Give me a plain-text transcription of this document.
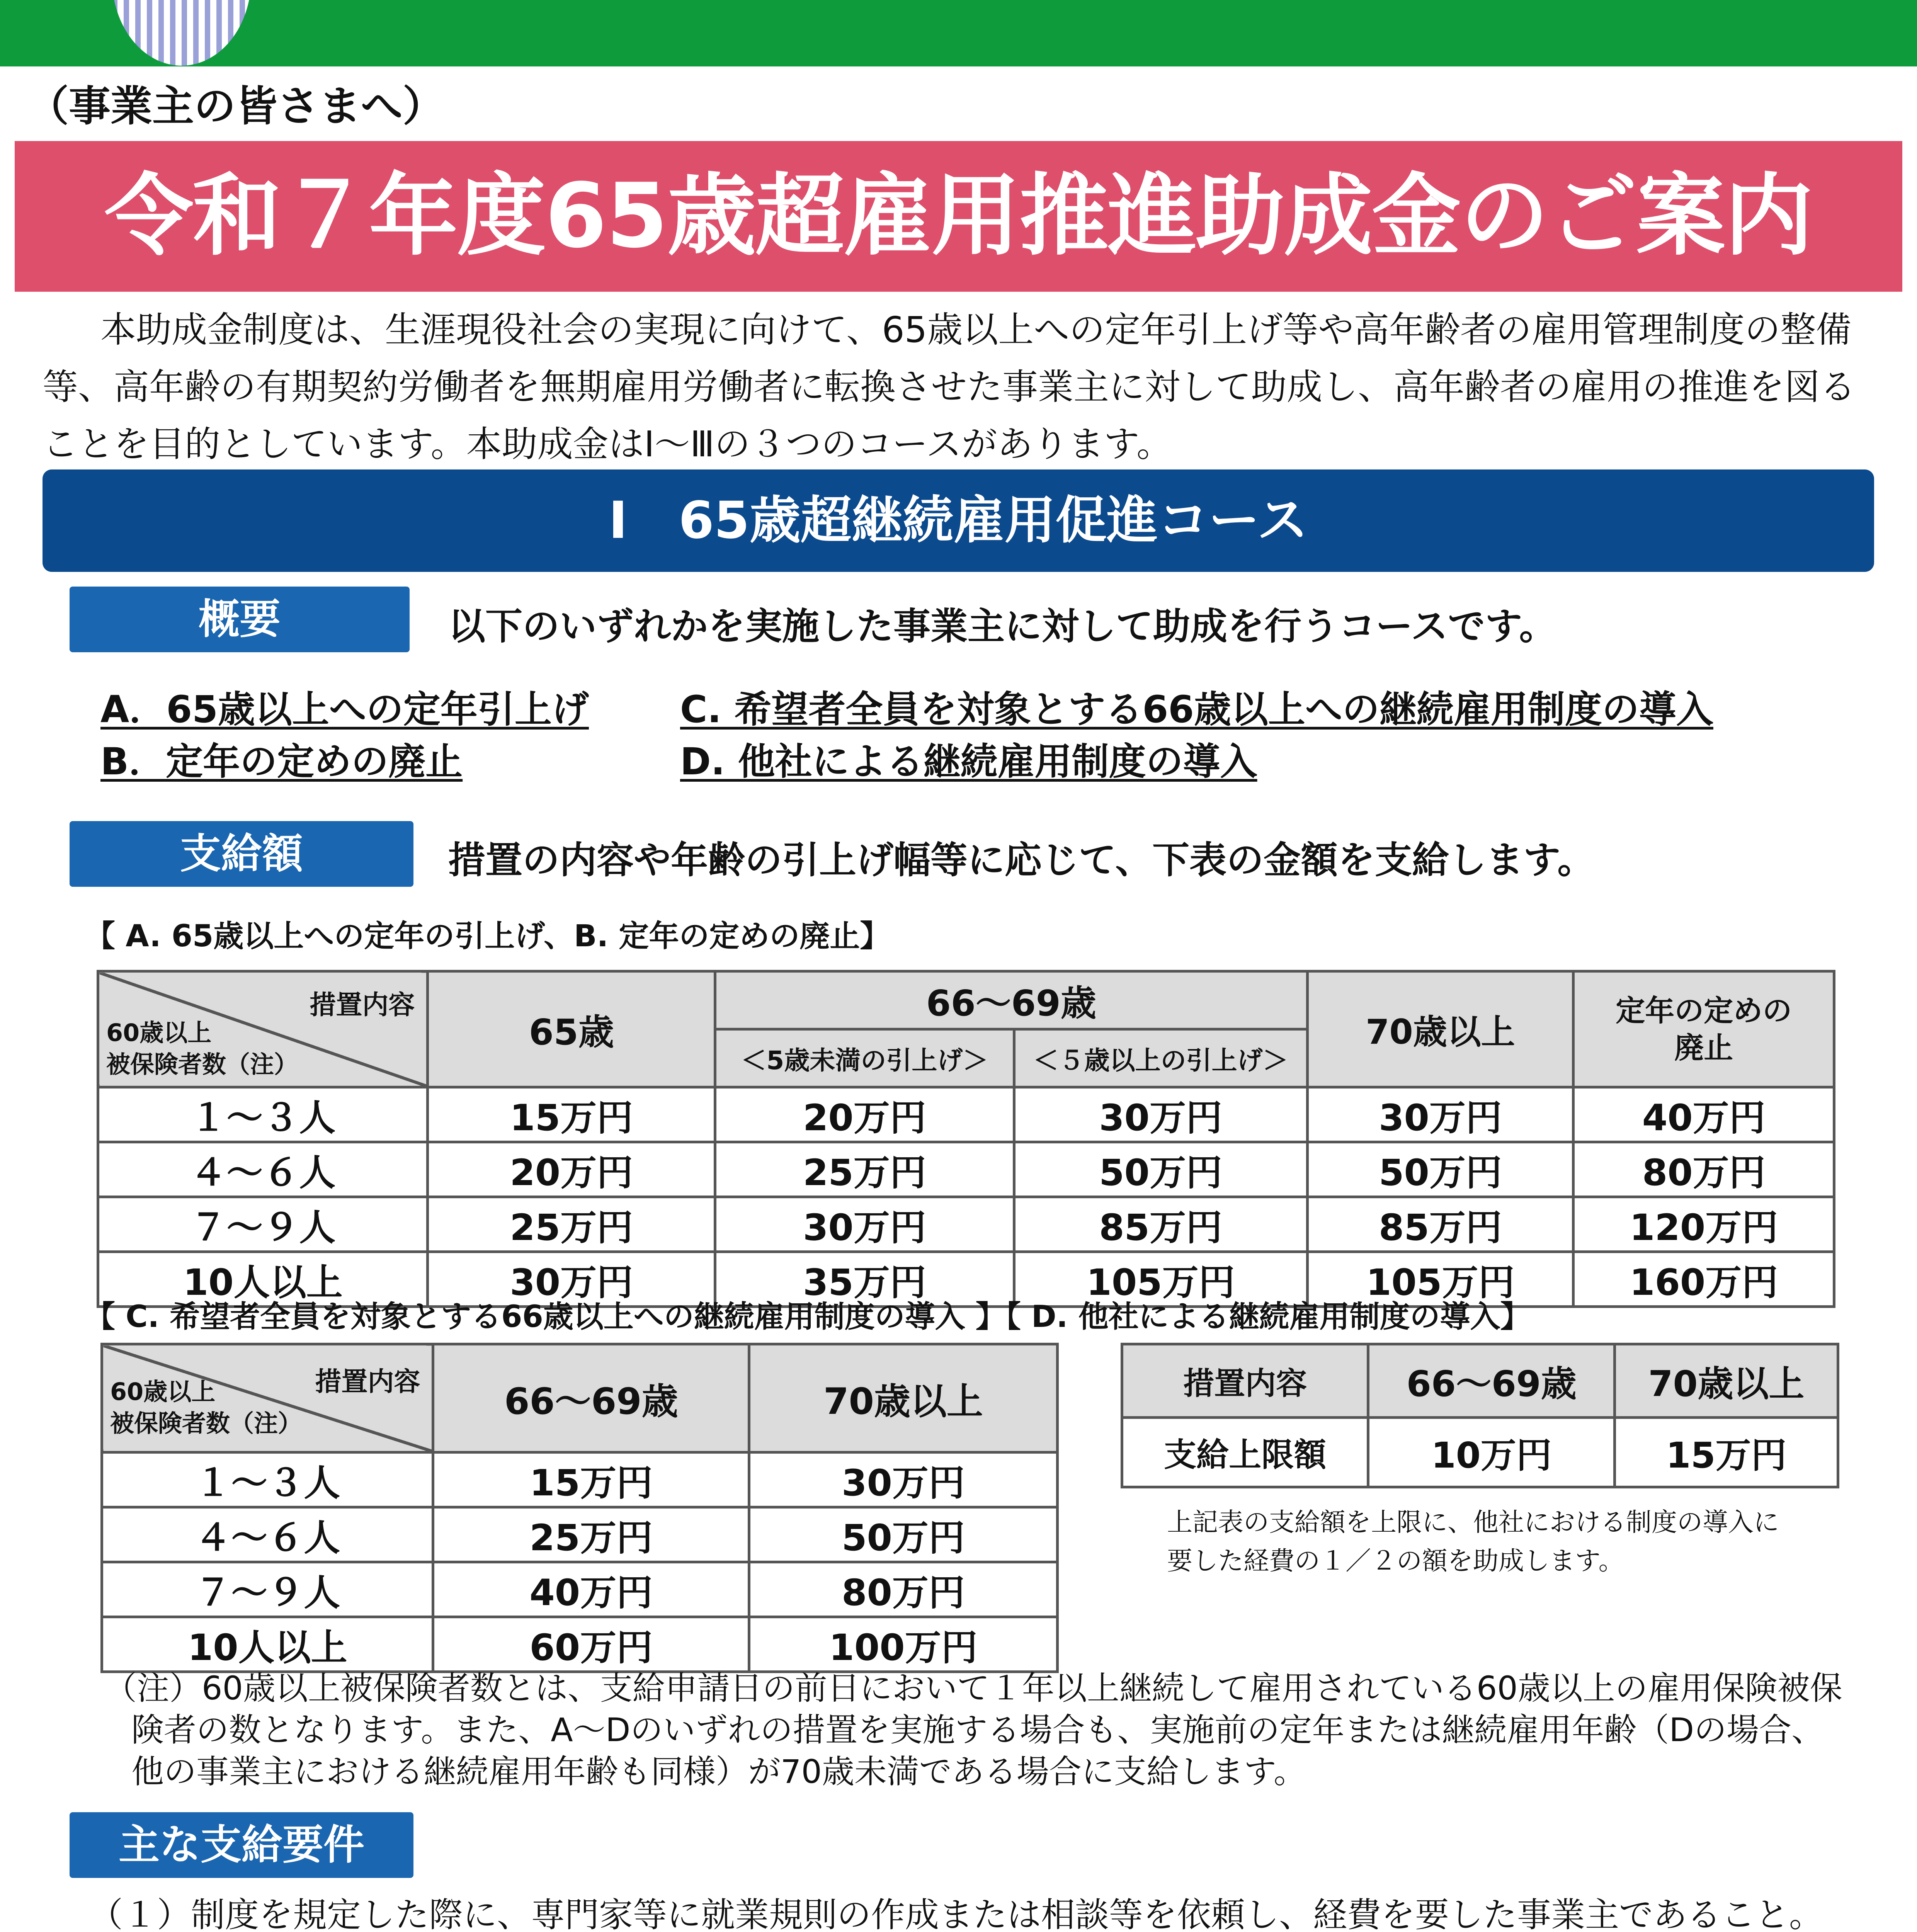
（事業主の皆さまへ）
令和７年度65歳超雇用推進助成金のご案内
本助成金制度は、生涯現役社会の実現に向けて、65歳以上への定年引上げ等や高年齢者の雇用管理制度の整備等、高年齢の有期契約労働者を無期雇用労働者に転換させた事業主に対して助成し、高年齢者の雇用の推進を図ることを目的としています。本助成金はⅠ～Ⅲの３つのコースがあります。
Ⅰ　65歳超継続雇用促進コース
概要	以下のいずれかを実施した事業主に対して助成を行うコースです。
A．65歳以上への定年引上げ C. 希望者全員を対象とする66歳以上への継続雇用制度の導入
B．定年の定めの廃止	D. 他社による継続雇用制度の導入
支給額	措置の内容や年齢の引上げ幅等に応じて、下表の金額を支給します。
【 A. 65歳以上への定年の引上げ、B. 定年の定めの廃止】
措置内容
60歳以上
被保険者数（注）	65歳	66～69歳		70歳以上	定年の定めの
廃止
		＜5歳未満の引上げ＞	＜５歳以上の引上げ＞		
１～３人	15万円	20万円	30万円	30万円	40万円
４～６人	20万円	25万円	50万円	50万円	80万円
７～９人	25万円	30万円	85万円	85万円	120万円
10人以上	30万円	35万円	105万円	105万円	160万円
【 C. 希望者全員を対象とする66歳以上への継続雇用制度の導入 】【 D. 他社による継続雇用制度の導入】
措置内容
60歳以上
被保険者数（注）	66～69歳	70歳以上
１～３人	15万円	30万円
４～６人	25万円	50万円
７～９人	40万円	80万円
10人以上	60万円	100万円
措置内容	66～69歳	70歳以上
支給上限額	10万円	15万円
上記表の支給額を上限に、他社における制度の導入に
要した経費の１／２の額を助成します。
（注）60歳以上被保険者数とは、支給申請日の前日において１年以上継続して雇用されている60歳以上の雇用保険被保険者の数となります。また、A～Dのいずれの措置を実施する場合も、実施前の定年または継続雇用年齢（Dの場合、他の事業主における継続雇用年齢も同様）が70歳未満である場合に支給します。
主な支給要件
（１）制度を規定した際に、専門家等に就業規則の作成または相談等を依頼し、経費を要した事業主であること。
